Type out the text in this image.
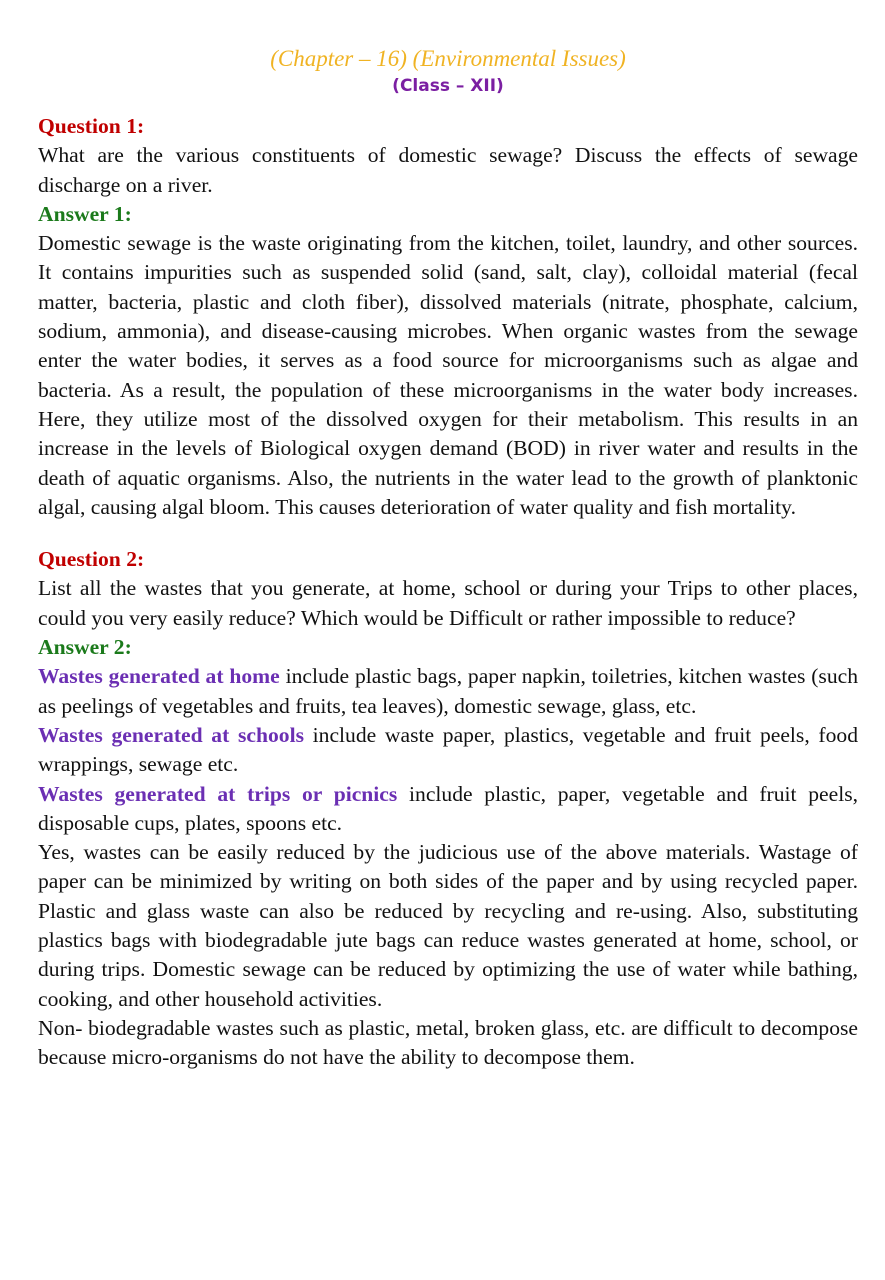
(Chapter – 16) (Environmental Issues)
(Class – XII)
Question 1:

What are the various constituents of domestic sewage? Discuss the effects of sewage discharge on a river.

Answer 1:

Domestic sewage is the waste originating from the kitchen, toilet, laundry, and other sources. It contains impurities such as suspended solid (sand, salt, clay), colloidal material (fecal matter, bacteria, plastic and cloth fiber), dissolved materials (nitrate, phosphate, calcium, sodium, ammonia), and disease-causing microbes. When organic wastes from the sewage enter the water bodies, it serves as a food source for microorganisms such as algae and bacteria. As a result, the population of these microorganisms in the water body increases. Here, they utilize most of the dissolved oxygen for their metabolism. This results in an increase in the levels of Biological oxygen demand (BOD) in river water and results in the death of aquatic organisms. Also, the nutrients in the water lead to the growth of planktonic algal, causing algal bloom. This causes deterioration of water quality and fish mortality.

Question 2:

List all the wastes that you generate, at home, school or during your Trips to other places, could you very easily reduce? Which would be Difficult or rather impossible to reduce?

Answer 2:

Wastes generated at home include plastic bags, paper napkin, toiletries, kitchen wastes (such as peelings of vegetables and fruits, tea leaves), domestic sewage, glass, etc.

Wastes generated at schools include waste paper, plastics, vegetable and fruit peels, food wrappings, sewage etc.

Wastes generated at trips or picnics include plastic, paper, vegetable and fruit peels, disposable cups, plates, spoons etc.

Yes, wastes can be easily reduced by the judicious use of the above materials. Wastage of paper can be minimized by writing on both sides of the paper and by using recycled paper. Plastic and glass waste can also be reduced by recycling and re-using. Also, substituting plastics bags with biodegradable jute bags can reduce wastes generated at home, school, or during trips. Domestic sewage can be reduced by optimizing the use of water while bathing, cooking, and other household activities.

Non- biodegradable wastes such as plastic, metal, broken glass, etc. are difficult to decompose because micro-organisms do not have the ability to decompose them.
